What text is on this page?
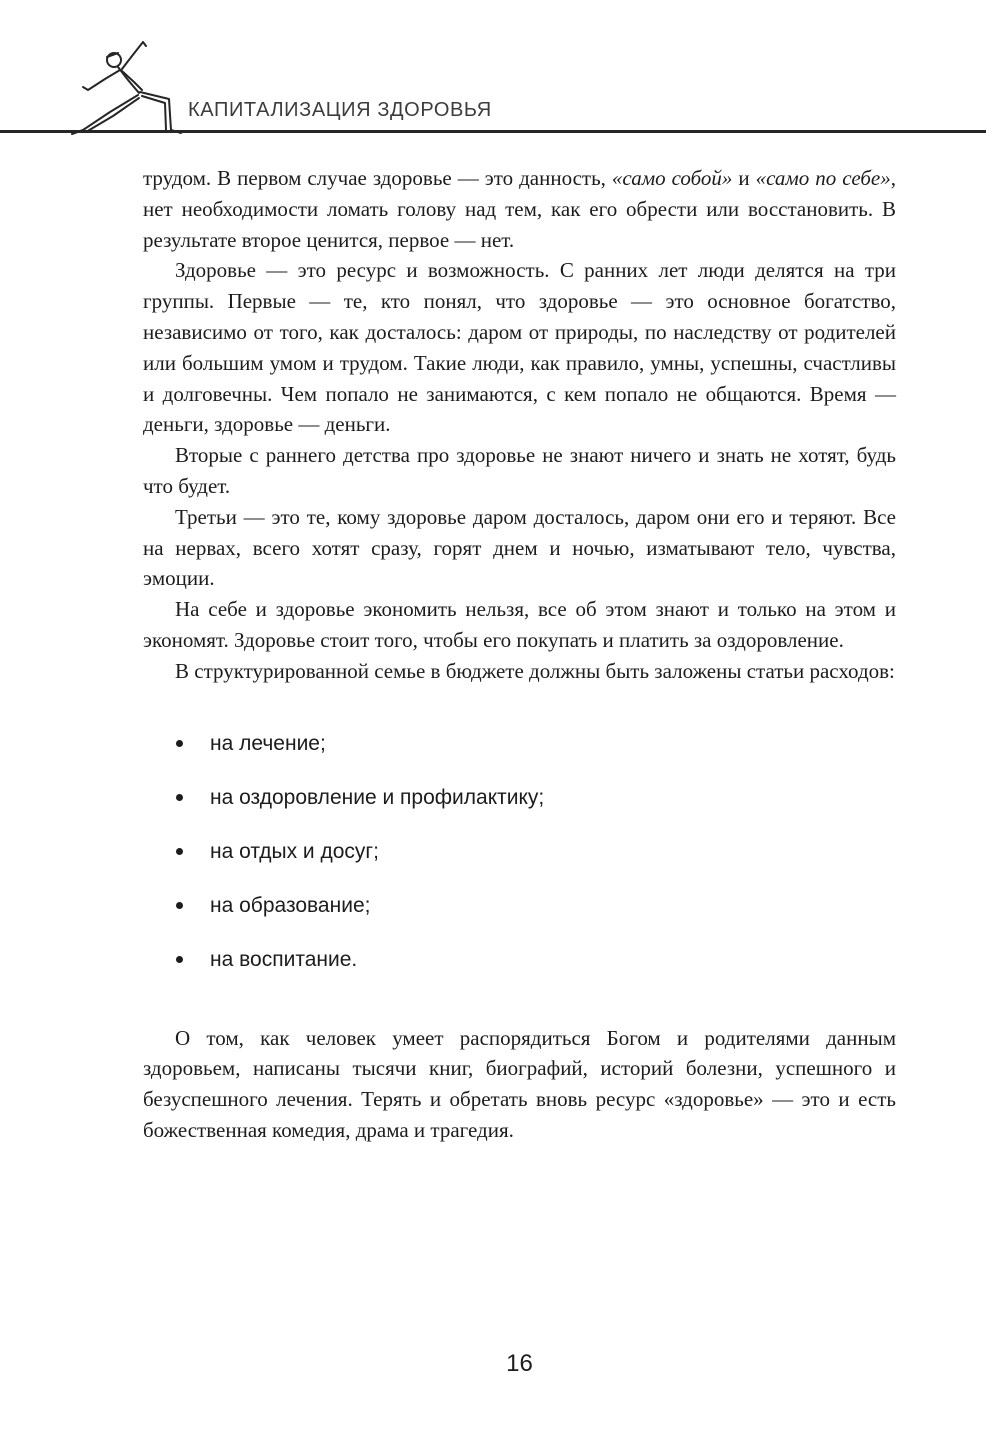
КАПИТАЛИЗАЦИЯ ЗДОРОВЬЯ

трудом. В первом случае здоровье — это данность, «само собой» и «само по себе», нет необходимости ломать голову над тем, как его обрести или восстановить. В результате второе ценится, первое — нет.

Здоровье — это ресурс и возможность. С ранних лет люди делятся на три группы. Первые — те, кто понял, что здоровье — это основное богатство, независимо от того, как досталось: даром от природы, по наследству от родителей или большим умом и трудом. Такие люди, как правило, умны, успешны, счастливы и долговечны. Чем попало не занимаются, с кем попало не общаются. Время — деньги, здоровье — деньги.

Вторые с раннего детства про здоровье не знают ничего и знать не хотят, будь что будет.

Третьи — это те, кому здоровье даром досталось, даром они его и теряют. Все на нервах, всего хотят сразу, горят днем и ночью, изматывают тело, чувства, эмоции.

На себе и здоровье экономить нельзя, все об этом знают и только на этом и экономят. Здоровье стоит того, чтобы его покупать и платить за оздоровление.

В структурированной семье в бюджете должны быть заложены статьи расходов:

на лечение;
на оздоровление и профилактику;
на отдых и досуг;
на образование;
на воспитание.

О том, как человек умеет распорядиться Богом и родителями данным здоровьем, написаны тысячи книг, биографий, историй болезни, успешного и безуспешного лечения. Терять и обретать вновь ресурс «здоровье» — это и есть божественная комедия, драма и трагедия.

16
